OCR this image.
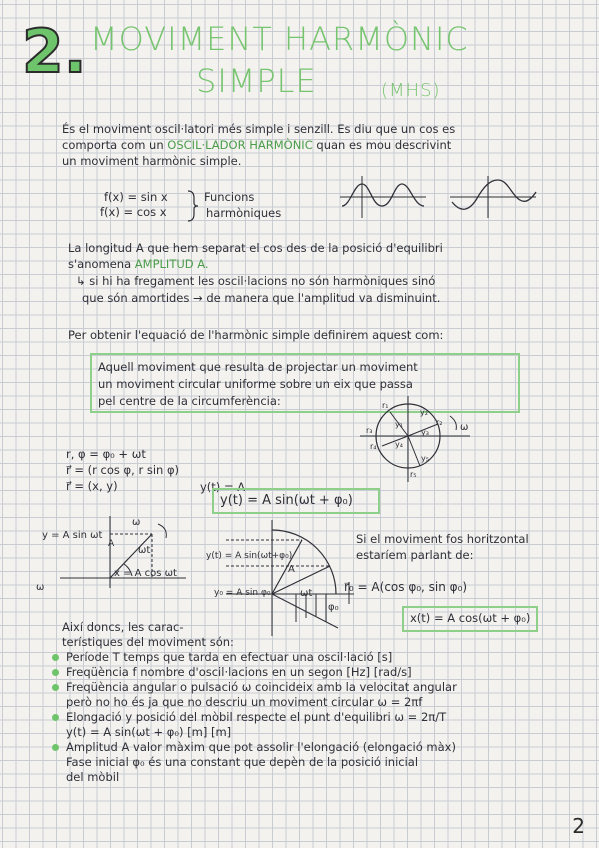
2. MOVIMENT HARMÒNIC
SIMPLE	(MHS)
És el moviment oscil·latori més simple i senzill. Es diu que un cos es
comporta com un OSCIL·LADOR HARMÒNIC quan es mou descrivint
un moviment harmònic simple.
f(x) = sin x
f(x) = cos x
Funcions
harmòniques
La longitud A que hem separat el cos des de la posició d'equilibri
s'anomena AMPLITUD A.
↳ si hi ha fregament les oscil·lacions no són harmòniques sinó
que són amortides → de manera que l'amplitud va disminuint.
Per obtenir l'equació de l'harmònic simple definirem aquest com:
Aquell moviment que resulta de projectar un moviment
un moviment circular uniforme sobre un eix que passa
pel centre de la circumferència:	r₁
r₂
r₃
r₄
y₁
y₂
y₃
y₄
y₅
r₅
ω
r, φ = φ₀ + ωt
r⃗ = (r cos φ, r sin φ)
r⃗ = (x, y)	y(t) = A
y(t) = A sin(ωt + φ₀)
y = A sin ωt
A
ω
ωt
x = A cos ωt
ω
y(t) = A sin(ωt+φ₀)
y₀ = A sin φ₀
A
ωt
φ₀
Si el moviment fos horitzontal
estaríem parlant de:
r⃗₀ = A(cos φ₀, sin φ₀)
x(t) = A cos(ωt + φ₀)
Així doncs, les carac-
terístiques del moviment són:
Període T temps que tarda en efectuar una oscil·lació [s]
Freqüència f nombre d'oscil·lacions en un segon [Hz] [rad/s]
Freqüència angular o pulsació ω coincideix amb la velocitat angular
però no ho és ja que no descriu un moviment circular ω = 2πf
Elongació y posició del mòbil respecte el punt d'equilibri ω = 2π/T
y(t) = A sin(ωt + φ₀) [m] [m]
Amplitud A valor màxim que pot assolir l'elongació (elongació màx)
Fase inicial φ₀ és una constant que depèn de la posició inicial
del mòbil
2
